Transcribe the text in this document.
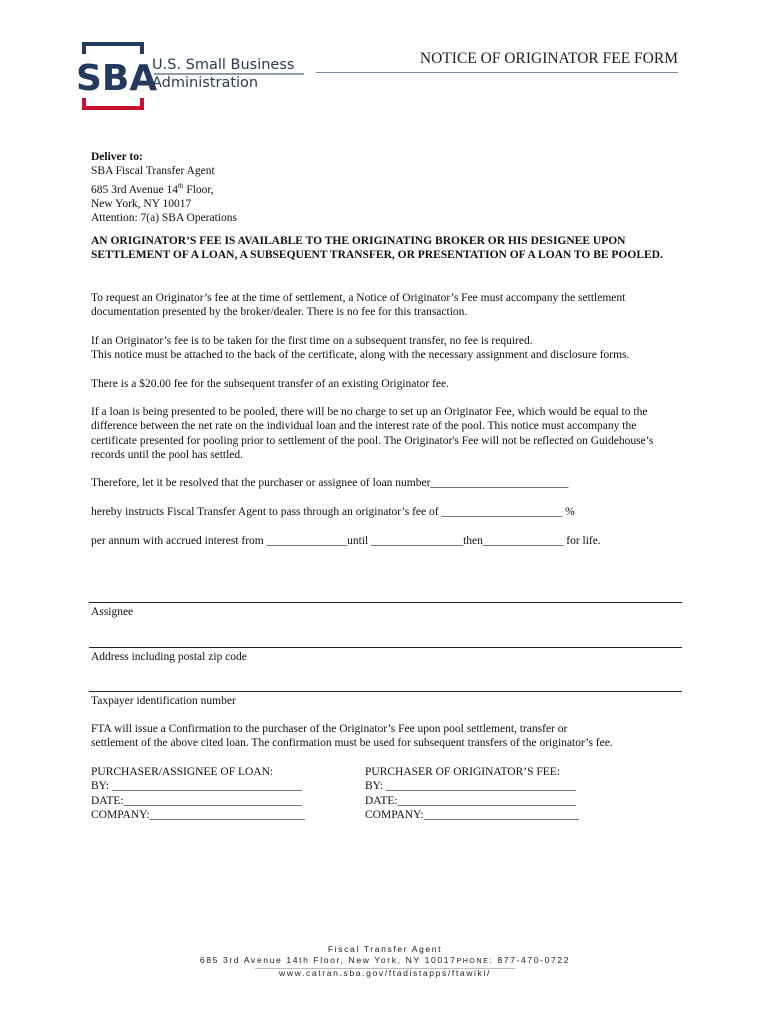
SBA
U.S. Small Business
Administration
NOTICE OF ORIGINATOR FEE FORM
Deliver to:
SBA Fiscal Transfer Agent
685 3rd Avenue 14th Floor,
New York, NY 10017
Attention: 7(a) SBA Operations
AN ORIGINATOR’S FEE IS AVAILABLE TO THE ORIGINATING BROKER OR HIS DESIGNEE UPON SETTLEMENT OF A LOAN, A SUBSEQUENT TRANSFER, OR PRESENTATION OF A LOAN TO BE POOLED.
To request an Originator’s fee at the time of settlement, a Notice of Originator’s Fee must accompany the settlement documentation presented by the broker/dealer. There is no fee for this transaction.
If an Originator’s fee is to be taken for the first time on a subsequent transfer, no fee is required.
This notice must be attached to the back of the certificate, along with the necessary assignment and disclosure forms.
There is a $20.00 fee for the subsequent transfer of an existing Originator fee.
If a loan is being presented to be pooled, there will be no charge to set up an Originator Fee, which would be equal to the difference between the net rate on the individual loan and the interest rate of the pool. This notice must accompany the certificate presented for pooling prior to settlement of the pool. The Originator's Fee will not be reflected on Guidehouse’s records until the pool has settled.
Therefore, let it be resolved that the purchaser or assignee of loan number________________________
hereby instructs Fiscal Transfer Agent to pass through an originator’s fee of _____________________ %
per annum with accrued interest from ______________until ________________then______________ for life.
Assignee
Address including postal zip code
Taxpayer identification number
FTA will issue a Confirmation to the purchaser of the Originator’s Fee upon pool settlement, transfer or
settlement of the above cited loan. The confirmation must be used for subsequent transfers of the originator’s fee.
PURCHASER/ASSIGNEE OF LOAN:
BY: _________________________________
DATE:_______________________________
COMPANY:___________________________
PURCHASER OF ORIGINATOR’S FEE:
BY: _________________________________
DATE:_______________________________
COMPANY:___________________________
Fiscal Transfer Agent
685 3rd Avenue 14th Floor, New York, NY 10017PHONE: 877-470-0722
www.catran.sba.gov/ftadistapps/ftawiki/
